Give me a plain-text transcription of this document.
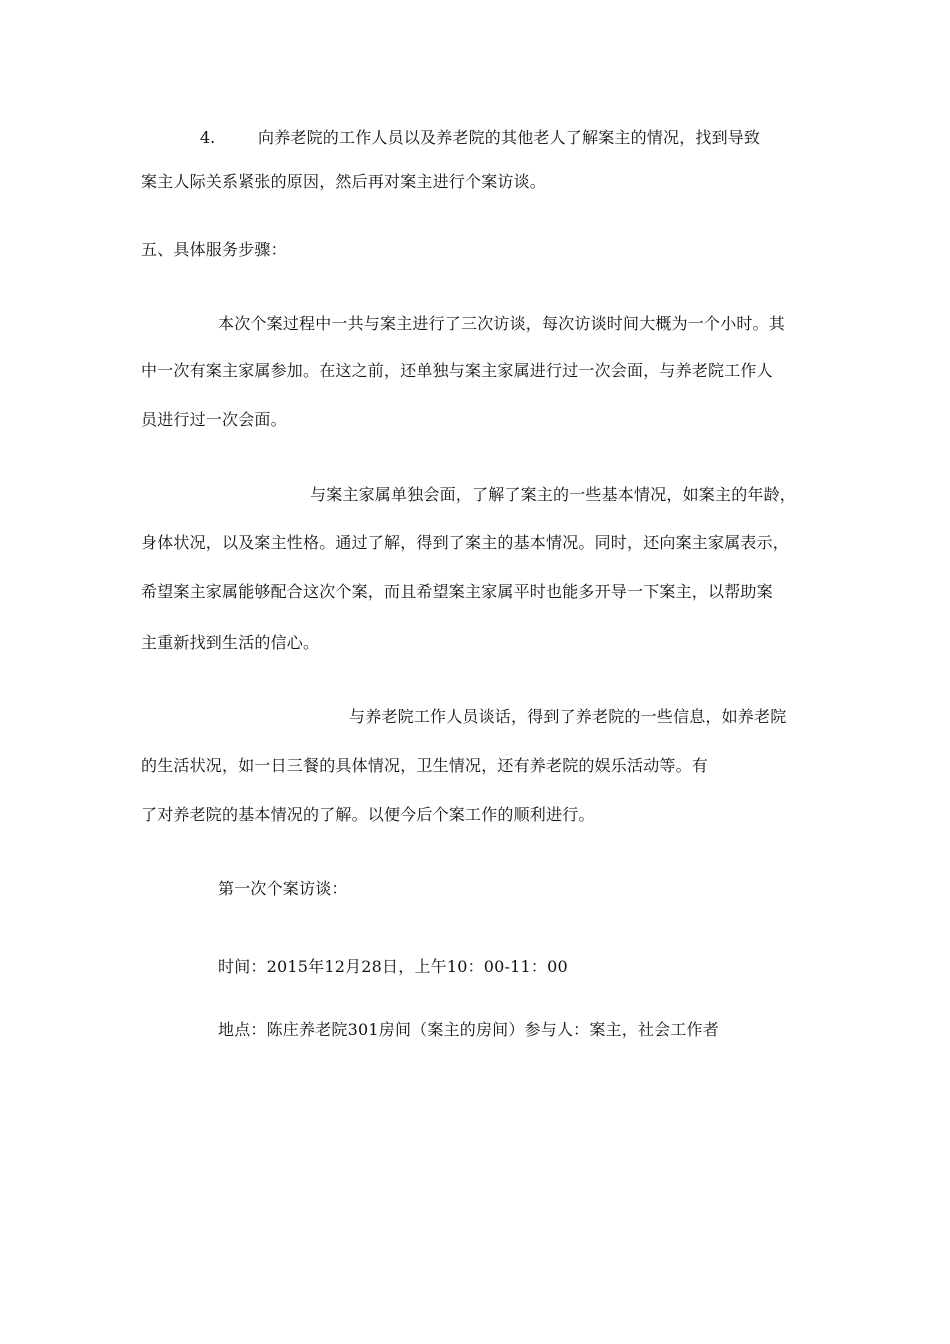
4.	向养老院的工作人员以及养老院的其他老人了解案主的情况，找到导致
案主人际关系紧张的原因，然后再对案主进行个案访谈。
五、具体服务步骤：
本次个案过程中一共与案主进行了三次访谈，每次访谈时间大概为一个小时。其
中一次有案主家属参加。在这之前，还单独与案主家属进行过一次会面，与养老院工作人
员进行过一次会面。
与案主家属单独会面，了解了案主的一些基本情况，如案主的年龄，
身体状况，以及案主性格。通过了解，得到了案主的基本情况。同时，还向案主家属表示，
希望案主家属能够配合这次个案，而且希望案主家属平时也能多开导一下案主，以帮助案
主重新找到生活的信心。
与养老院工作人员谈话，得到了养老院的一些信息，如养老院
的生活状况，如一日三餐的具体情况，卫生情况，还有养老院的娱乐活动等。有
了对养老院的基本情况的了解。以便今后个案工作的顺利进行。
第一次个案访谈：
时间：2015年12月28日，上午10：00-11：00
地点：陈庄养老院301房间（案主的房间）参与人：案主，社会工作者
